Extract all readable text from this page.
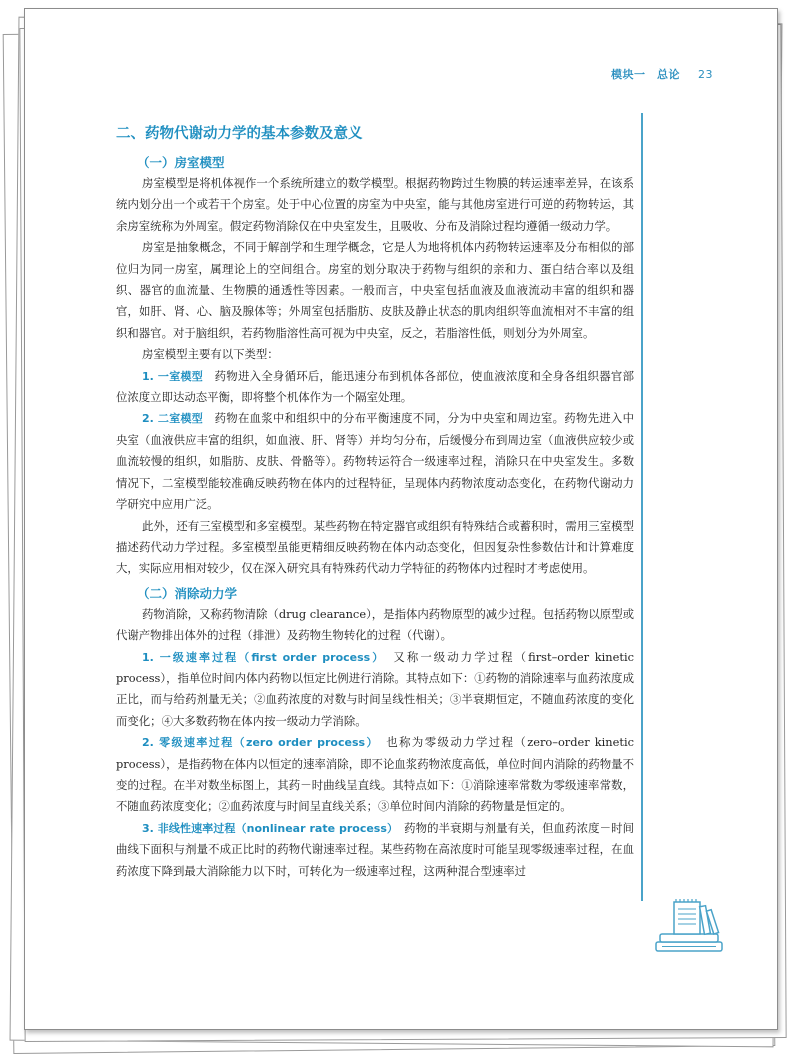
模块一　总论 23
二、药物代谢动力学的基本参数及意义
（一）房室模型

房室模型是将机体视作一个系统所建立的数学模型。根据药物跨过生物膜的转运速率差异，在该系统内划分出一个或若干个房室。处于中心位置的房室为中央室，能与其他房室进行可逆的药物转运，其余房室统称为外周室。假定药物消除仅在中央室发生，且吸收、分布及消除过程均遵循一级动力学。

房室是抽象概念，不同于解剖学和生理学概念，它是人为地将机体内药物转运速率及分布相似的部位归为同一房室，属理论上的空间组合。房室的划分取决于药物与组织的亲和力、蛋白结合率以及组织、器官的血流量、生物膜的通透性等因素。一般而言，中央室包括血液及血液流动丰富的组织和器官，如肝、肾、心、脑及腺体等；外周室包括脂肪、皮肤及静止状态的肌肉组织等血流相对不丰富的组织和器官。对于脑组织，若药物脂溶性高可视为中央室，反之，若脂溶性低，则划分为外周室。

房室模型主要有以下类型：

1. 一室模型　 药物进入全身循环后，能迅速分布到机体各部位，使血液浓度和全身各组织器官部位浓度立即达动态平衡，即将整个机体作为一个隔室处理。

2. 二室模型　 药物在血浆中和组织中的分布平衡速度不同，分为中央室和周边室。药物先进入中央室（血液供应丰富的组织，如血液、肝、肾等）并均匀分布，后缓慢分布到周边室（血液供应较少或血流较慢的组织，如脂肪、皮肤、骨骼等）。药物转运符合一级速率过程，消除只在中央室发生。多数情况下，二室模型能较准确反映药物在体内的过程特征，呈现体内药物浓度动态变化，在药物代谢动力学研究中应用广泛。

此外，还有三室模型和多室模型。某些药物在特定器官或组织有特殊结合或蓄积时，需用三室模型描述药代动力学过程。多室模型虽能更精细反映药物在体内动态变化，但因复杂性参数估计和计算难度大，实际应用相对较少，仅在深入研究具有特殊药代动力学特征的药物体内过程时才考虑使用。

（二）消除动力学

药物消除，又称药物清除（drug clearance），是指体内药物原型的减少过程。包括药物以原型或代谢产物排出体外的过程（排泄）及药物生物转化的过程（代谢）。

1. 一级速率过程（first order process）　 又称一级动力学过程（first–order kinetic process），指单位时间内体内药物以恒定比例进行消除。其特点如下：①药物的消除速率与血药浓度成正比，而与给药剂量无关；②血药浓度的对数与时间呈线性相关；③半衰期恒定，不随血药浓度的变化而变化；④大多数药物在体内按一级动力学消除。

2. 零级速率过程（zero order process）　 也称为零级动力学过程（zero–order kinetic process），是指药物在体内以恒定的速率消除，即不论血浆药物浓度高低，单位时间内消除的药物量不变的过程。在半对数坐标图上，其药－时曲线呈直线。其特点如下：①消除速率常数为零级速率常数，不随血药浓度变化；②血药浓度与时间呈直线关系；③单位时间内消除的药物量是恒定的。

3. 非线性速率过程（nonlinear rate process）　 药物的半衰期与剂量有关，但血药浓度－时间曲线下面积与剂量不成正比时的药物代谢速率过程。某些药物在高浓度时可能呈现零级速率过程，在血药浓度下降到最大消除能力以下时，可转化为一级速率过程，这两种混合型速率过
